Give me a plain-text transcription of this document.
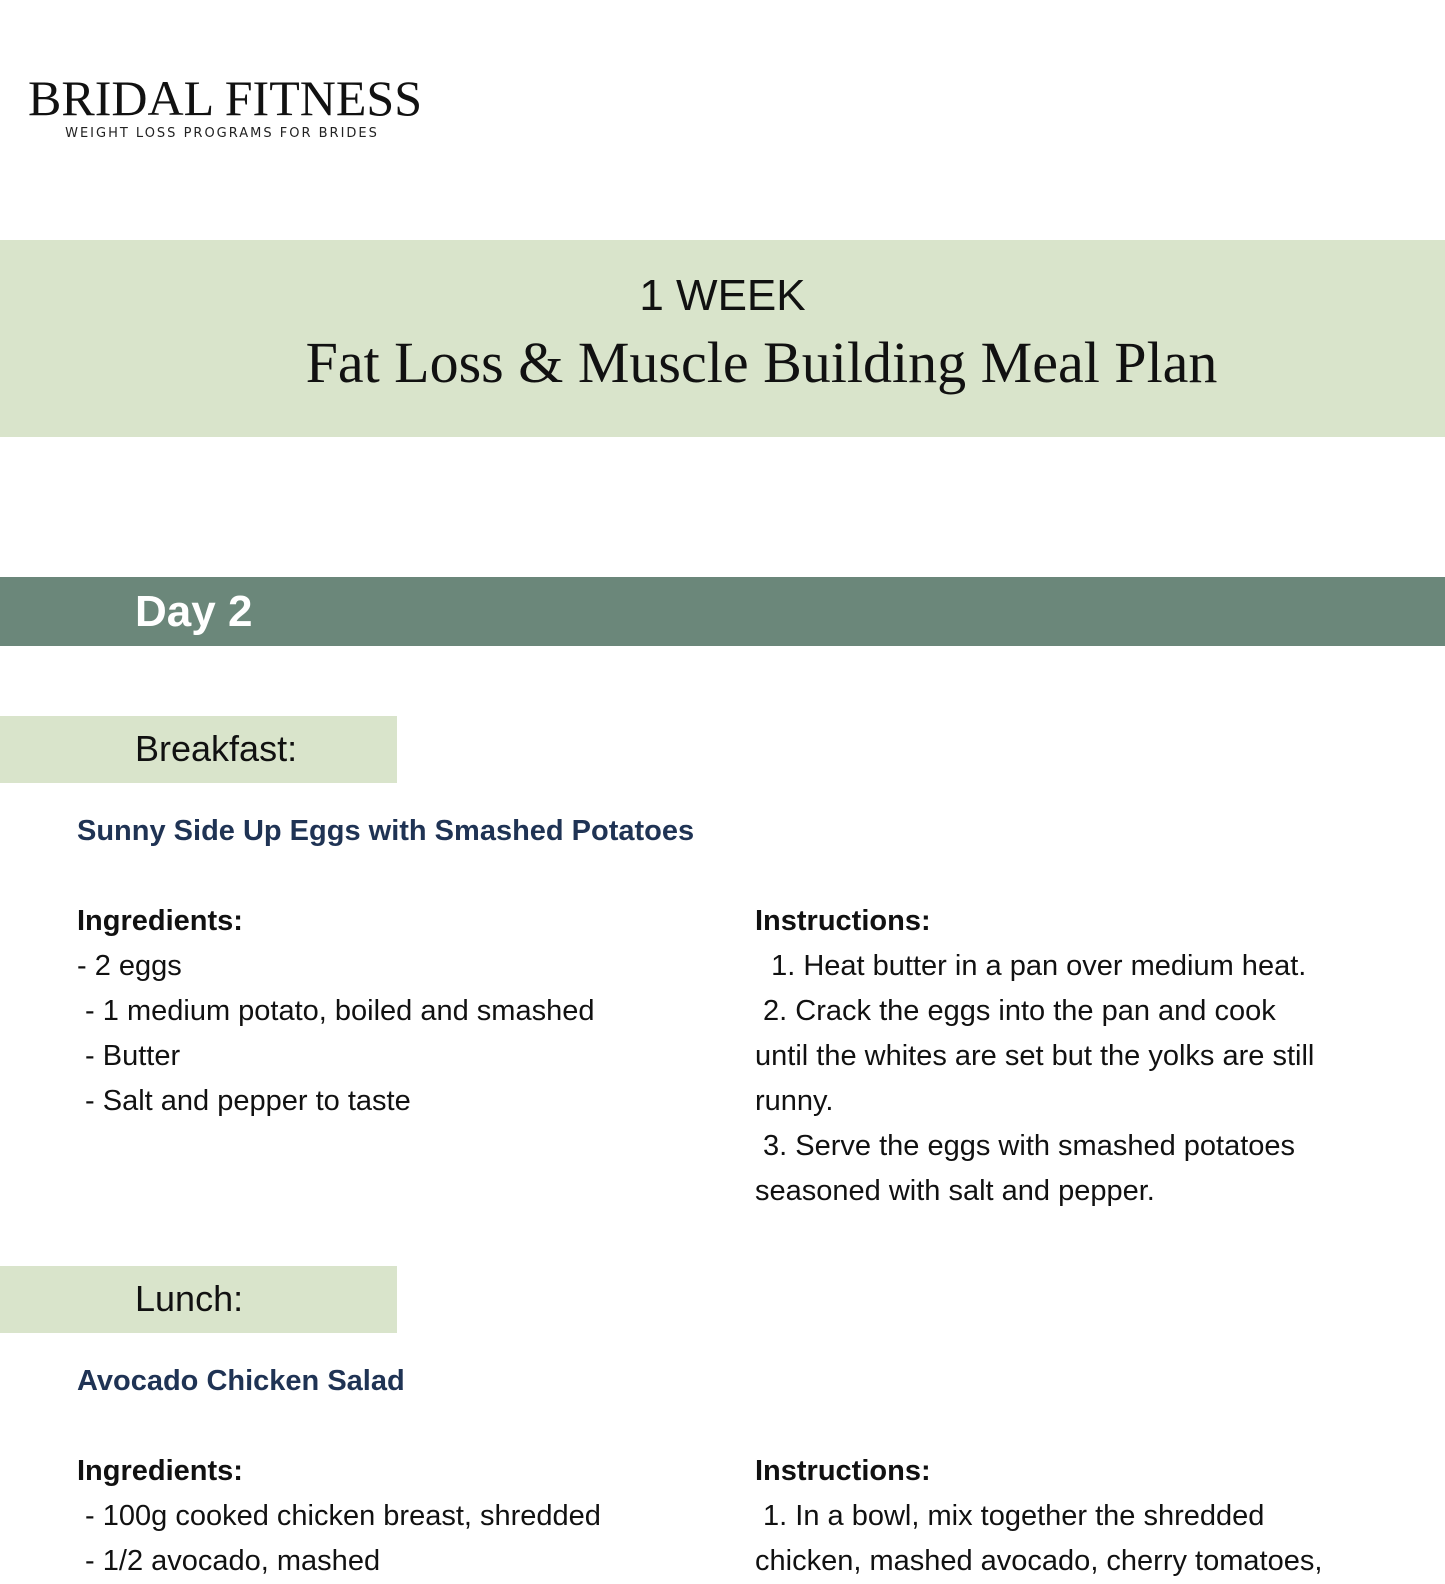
BRIDAL FITNESS
WEIGHT LOSS PROGRAMS FOR BRIDES
1 WEEK
Fat Loss & Muscle Building Meal Plan
Day 2
Breakfast:
Sunny Side Up Eggs with Smashed Potatoes
Ingredients:
- 2 eggs
- 1 medium potato, boiled and smashed
- Butter
- Salt and pepper to taste
Instructions:
1. Heat butter in a pan over medium heat.
2. Crack the eggs into the pan and cook
until the whites are set but the yolks are still
runny.
3. Serve the eggs with smashed potatoes
seasoned with salt and pepper.
Lunch:
Avocado Chicken Salad
Ingredients:
- 100g cooked chicken breast, shredded
- 1/2 avocado, mashed
Instructions:
1. In a bowl, mix together the shredded
chicken, mashed avocado, cherry tomatoes,
